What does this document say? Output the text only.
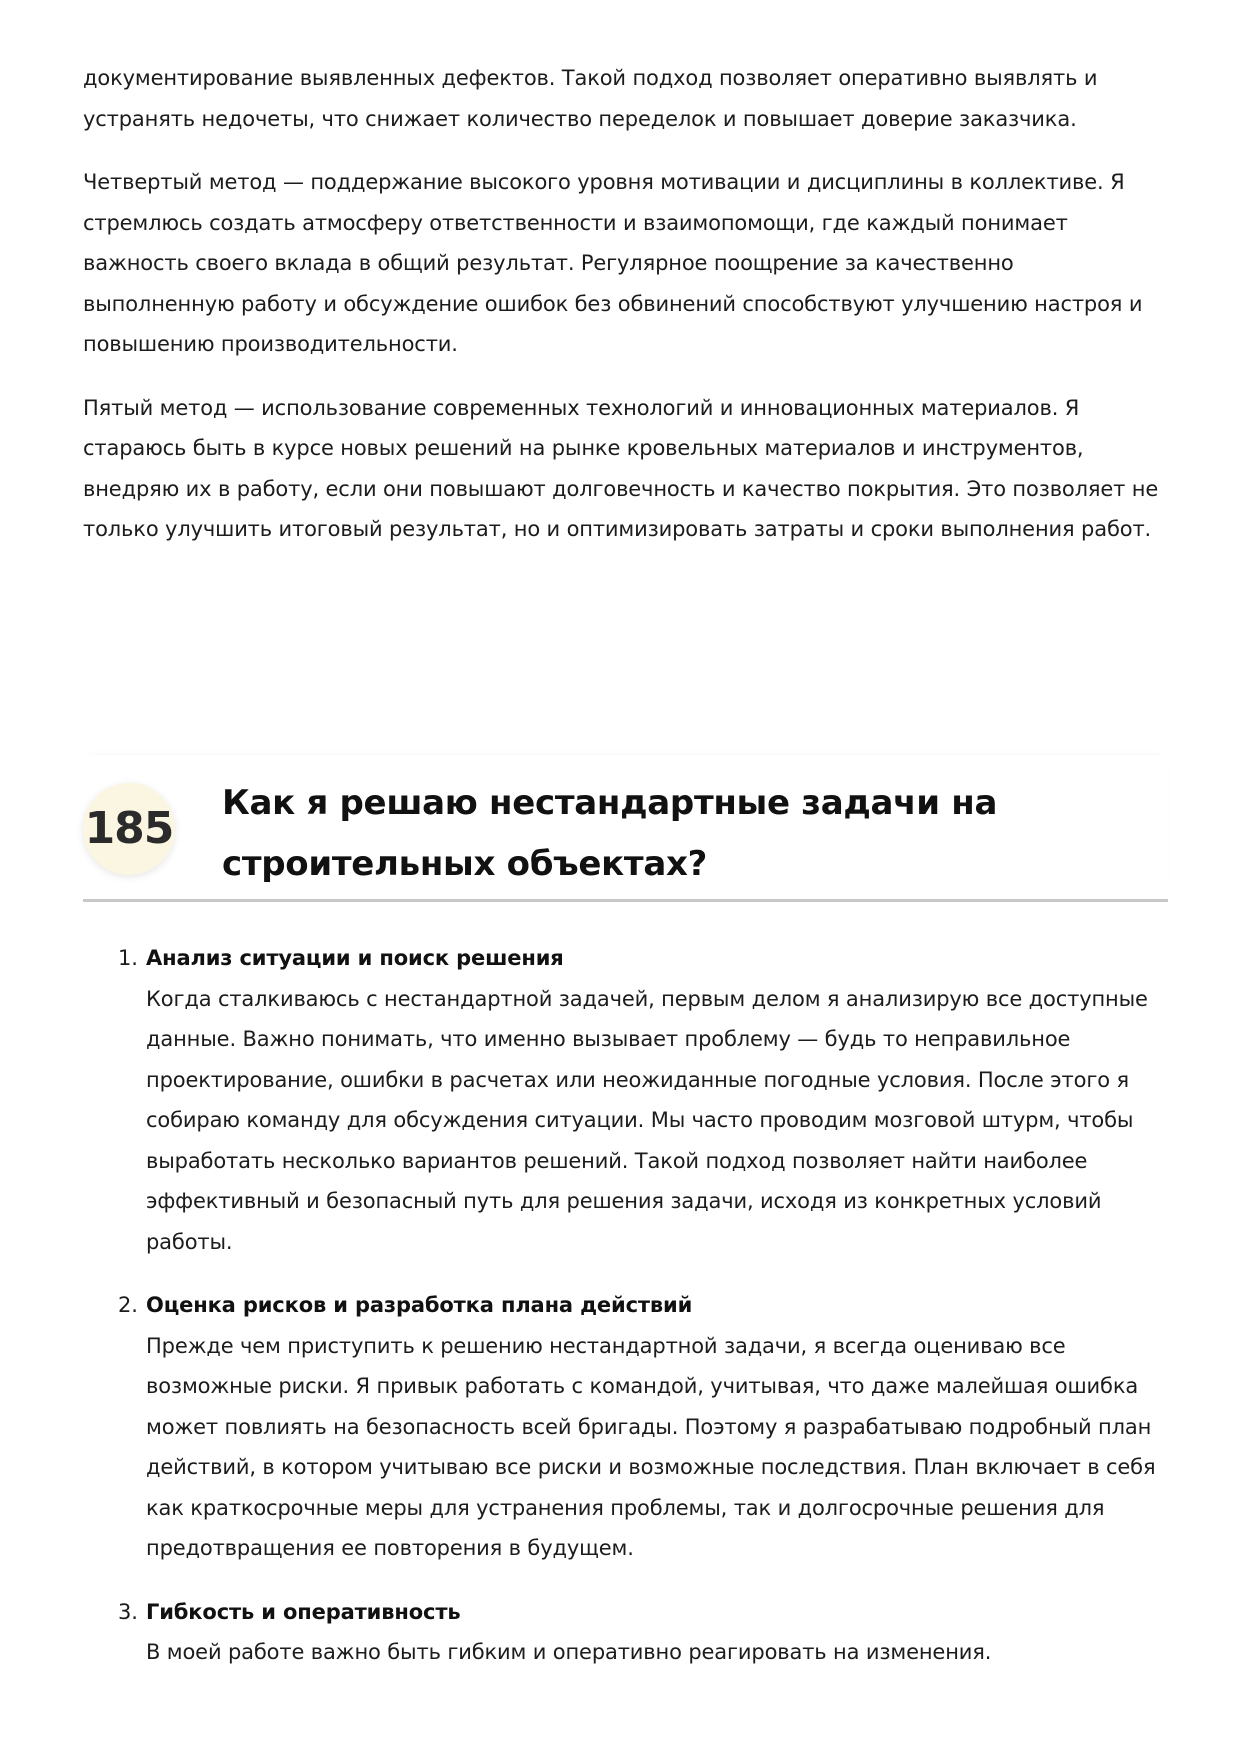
документирование выявленных дефектов. Такой подход позволяет оперативно выявлять и устранять недочеты, что снижает количество переделок и повышает доверие заказчика.

Четвертый метод — поддержание высокого уровня мотивации и дисциплины в коллективе. Я стремлюсь создать атмосферу ответственности и взаимопомощи, где каждый понимает важность своего вклада в общий результат. Регулярное поощрение за качественно выполненную работу и обсуждение ошибок без обвинений способствуют улучшению настроя и повышению производительности.

Пятый метод — использование современных технологий и инновационных материалов. Я стараюсь быть в курсе новых решений на рынке кровельных материалов и инструментов, внедряю их в работу, если они повышают долговечность и качество покрытия. Это позволяет не только улучшить итоговый результат, но и оптимизировать затраты и сроки выполнения работ.

185 Как я решаю нестандартные задачи на строительных объектах?
1. Анализ ситуации и поиск решения
Когда сталкиваюсь с нестандартной задачей, первым делом я анализирую все доступные данные. Важно понимать, что именно вызывает проблему — будь то неправильное проектирование, ошибки в расчетах или неожиданные погодные условия. После этого я собираю команду для обсуждения ситуации. Мы часто проводим мозговой штурм, чтобы выработать несколько вариантов решений. Такой подход позволяет найти наиболее эффективный и безопасный путь для решения задачи, исходя из конкретных условий работы.
2. Оценка рисков и разработка плана действий
Прежде чем приступить к решению нестандартной задачи, я всегда оцениваю все возможные риски. Я привык работать с командой, учитывая, что даже малейшая ошибка может повлиять на безопасность всей бригады. Поэтому я разрабатываю подробный план действий, в котором учитываю все риски и возможные последствия. План включает в себя как краткосрочные меры для устранения проблемы, так и долгосрочные решения для предотвращения ее повторения в будущем.
3. Гибкость и оперативность
В моей работе важно быть гибким и оперативно реагировать на изменения.
